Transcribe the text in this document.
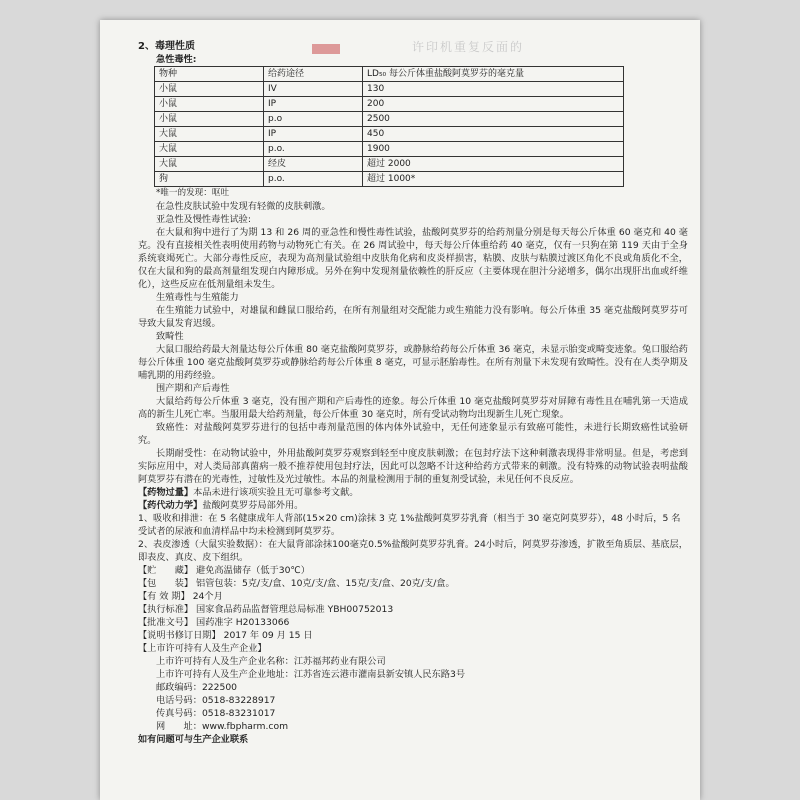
许印机重复反面的
2、毒理性质
急性毒性:
物种	给药途径	LD₅₀ 每公斤体重盐酸阿莫罗芬的毫克量
小鼠	IV	130
小鼠	IP	200
小鼠	p.o	2500
大鼠	IP	450
大鼠	p.o.	1900
大鼠	经皮	超过 2000
狗	p.o.	超过 1000*
*唯一的发现：呕吐
在急性皮肤试验中发现有轻微的皮肤刺激。
亚急性及慢性毒性试验:
在大鼠和狗中进行了为期 13 和 26 周的亚急性和慢性毒性试验，盐酸阿莫罗芬的给药剂量分别是每天每公斤体重 60 毫克和 40 毫克。没有直接相关性表明使用药物与动物死亡有关。在 26 周试验中，每天每公斤体重给药 40 毫克，仅有一只狗在第 119 天由于全身系统衰竭死亡。大部分毒性反应，表现为高剂量试验组中皮肤角化病和皮炎样损害，粘膜、皮肤与粘膜过渡区角化不良或角质化不全，仅在大鼠和狗的最高剂量组发现白内障形成。另外在狗中发现剂量依赖性的肝反应（主要体现在胆汁分泌增多，偶尔出现肝出血或纤维化），这些反应在低剂量组未发生。
生殖毒性与生殖能力
在生殖能力试验中，对雄鼠和雌鼠口服给药，在所有剂量组对交配能力或生殖能力没有影响。每公斤体重 35 毫克盐酸阿莫罗芬可导致大鼠发育迟缓。
致畸性
大鼠口服给药最大剂量达每公斤体重 80 毫克盐酸阿莫罗芬，或静脉给药每公斤体重 36 毫克，未显示胎变或畸变迹象。兔口服给药每公斤体重 100 毫克盐酸阿莫罗芬或静脉给药每公斤体重 8 毫克，可显示胚胎毒性。在所有剂量下未发现有致畸性。没有在人类孕期及哺乳期的用药经验。
围产期和产后毒性
大鼠给药每公斤体重 3 毫克，没有围产期和产后毒性的迹象。每公斤体重 10 毫克盐酸阿莫罗芬对屏障有毒性且在哺乳第一天造成高的新生儿死亡率。当服用最大给药剂量，每公斤体重 30 毫克时，所有受试动物均出现新生儿死亡现象。
致癌性：对盐酸阿莫罗芬进行的包括中毒剂量范围的体内体外试验中，无任何迹象显示有致癌可能性，未进行长期致癌性试验研究。
长期耐受性：在动物试验中，外用盐酸阿莫罗芬观察到轻至中度皮肤刺激；在包封疗法下这种刺激表现得非常明显。但是，考虑到实际应用中，对人类局部真菌病一般不推荐使用包封疗法，因此可以忽略不计这种给药方式带来的刺激。没有特殊的动物试验表明盐酸阿莫罗芬有潜在的光毒性，过敏性及光过敏性。本品的剂量检测用于制的重复剂受试验，未见任何不良反应。
【药物过量】本品未进行该项实验且无可靠参考文献。
【药代动力学】盐酸阿莫罗芬局部外用。
1、吸收和排泄：在 5 名健康成年人背部(15×20 cm)涂抹 3 克 1%盐酸阿莫罗芬乳膏（相当于 30 毫克阿莫罗芬），48 小时后，5 名受试者的尿液和血清样品中均未检测到阿莫罗芬。
2、表皮渗透（大鼠实验数据）：在大鼠背部涂抹100毫克0.5%盐酸阿莫罗芬乳膏。24小时后，阿莫罗芬渗透，扩散至角质层、基底层，即表皮、真皮、皮下组织。
【贮　　藏】 避免高温储存（低于30℃）
【包　　装】 铝管包装：5克/支/盒、10克/支/盒、15克/支/盒、20克/支/盒。
【有 效 期】 24个月
【执行标准】 国家食品药品监督管理总局标准 YBH00752013
【批准文号】 国药准字 H20133066
【说明书修订日期】 2017 年 09 月 15 日
【上市许可持有人及生产企业】
上市许可持有人及生产企业名称：江苏福邦药业有限公司
上市许可持有人及生产企业地址：江苏省连云港市灌南县新安镇人民东路3号
邮政编码：222500
电话号码：0518-83228917
传真号码：0518-83231017
网　　址：www.fbpharm.com
如有问题可与生产企业联系
